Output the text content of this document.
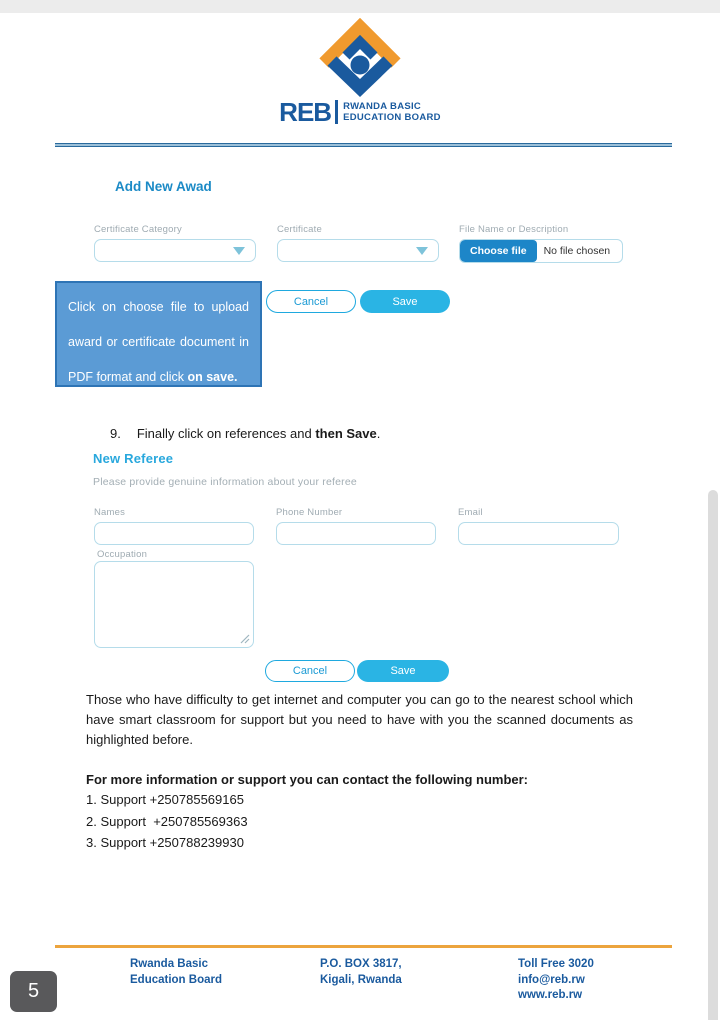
REB RWANDA BASIC
EDUCATION BOARD
Add New Awad
Certificate Category	Certificate	File Name or Description
Choose file	No file chosen
Click on choose file to upload award or certificate document in PDF format and click on save.
Cancel	Save
9. Finally click on references and then Save.
New Referee
Please provide genuine information about your referee
Names	Phone Number	Email
Occupation
Cancel	Save
Those who have difficulty to get internet and computer you can go to the nearest school which have smart classroom for support but you need to have with you the scanned documents as highlighted before.
For more information or support you can contact the following number:
1. Support +250785569165
2. Support  +250785569363
3. Support +250788239930
Rwanda Basic
Education Board
P.O. BOX 3817,
Kigali, Rwanda
Toll Free 3020
info@reb.rw
www.reb.rw
5
